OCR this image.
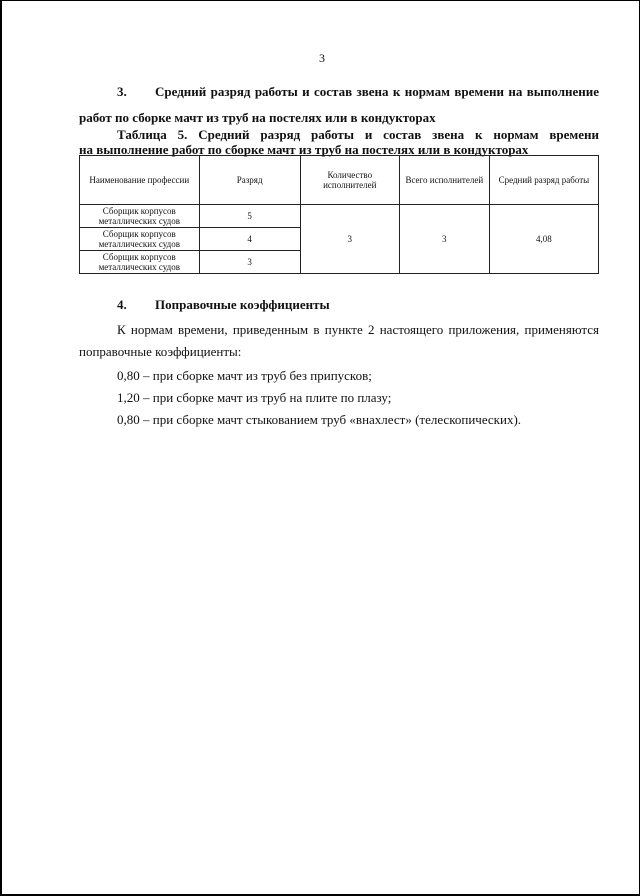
3
3. Средний разряд работы и состав звена к нормам времени на выполнение
работ по сборке мачт из труб на постелях или в кондукторах
Таблица 5. Средний разряд работы и состав звена к нормам времени
на выполнение работ по сборке мачт из труб на постелях или в кондукторах
Наименование профессии	Разряд	Количество исполнителей	Всего исполнителей	Средний разряд работы
Сборщик корпусов металлических судов	5	3	3	4,08
Сборщик корпусов металлических судов	4			
Сборщик корпусов металлических судов	3			
4. Поправочные коэффициенты
К нормам времени, приведенным в пункте 2 настоящего приложения, применяются
поправочные коэффициенты:
0,80 – при сборке мачт из труб без припусков;
1,20 – при сборке мачт из труб на плите по плазу;
0,80 – при сборке мачт стыкованием труб «внахлест» (телескопических).
